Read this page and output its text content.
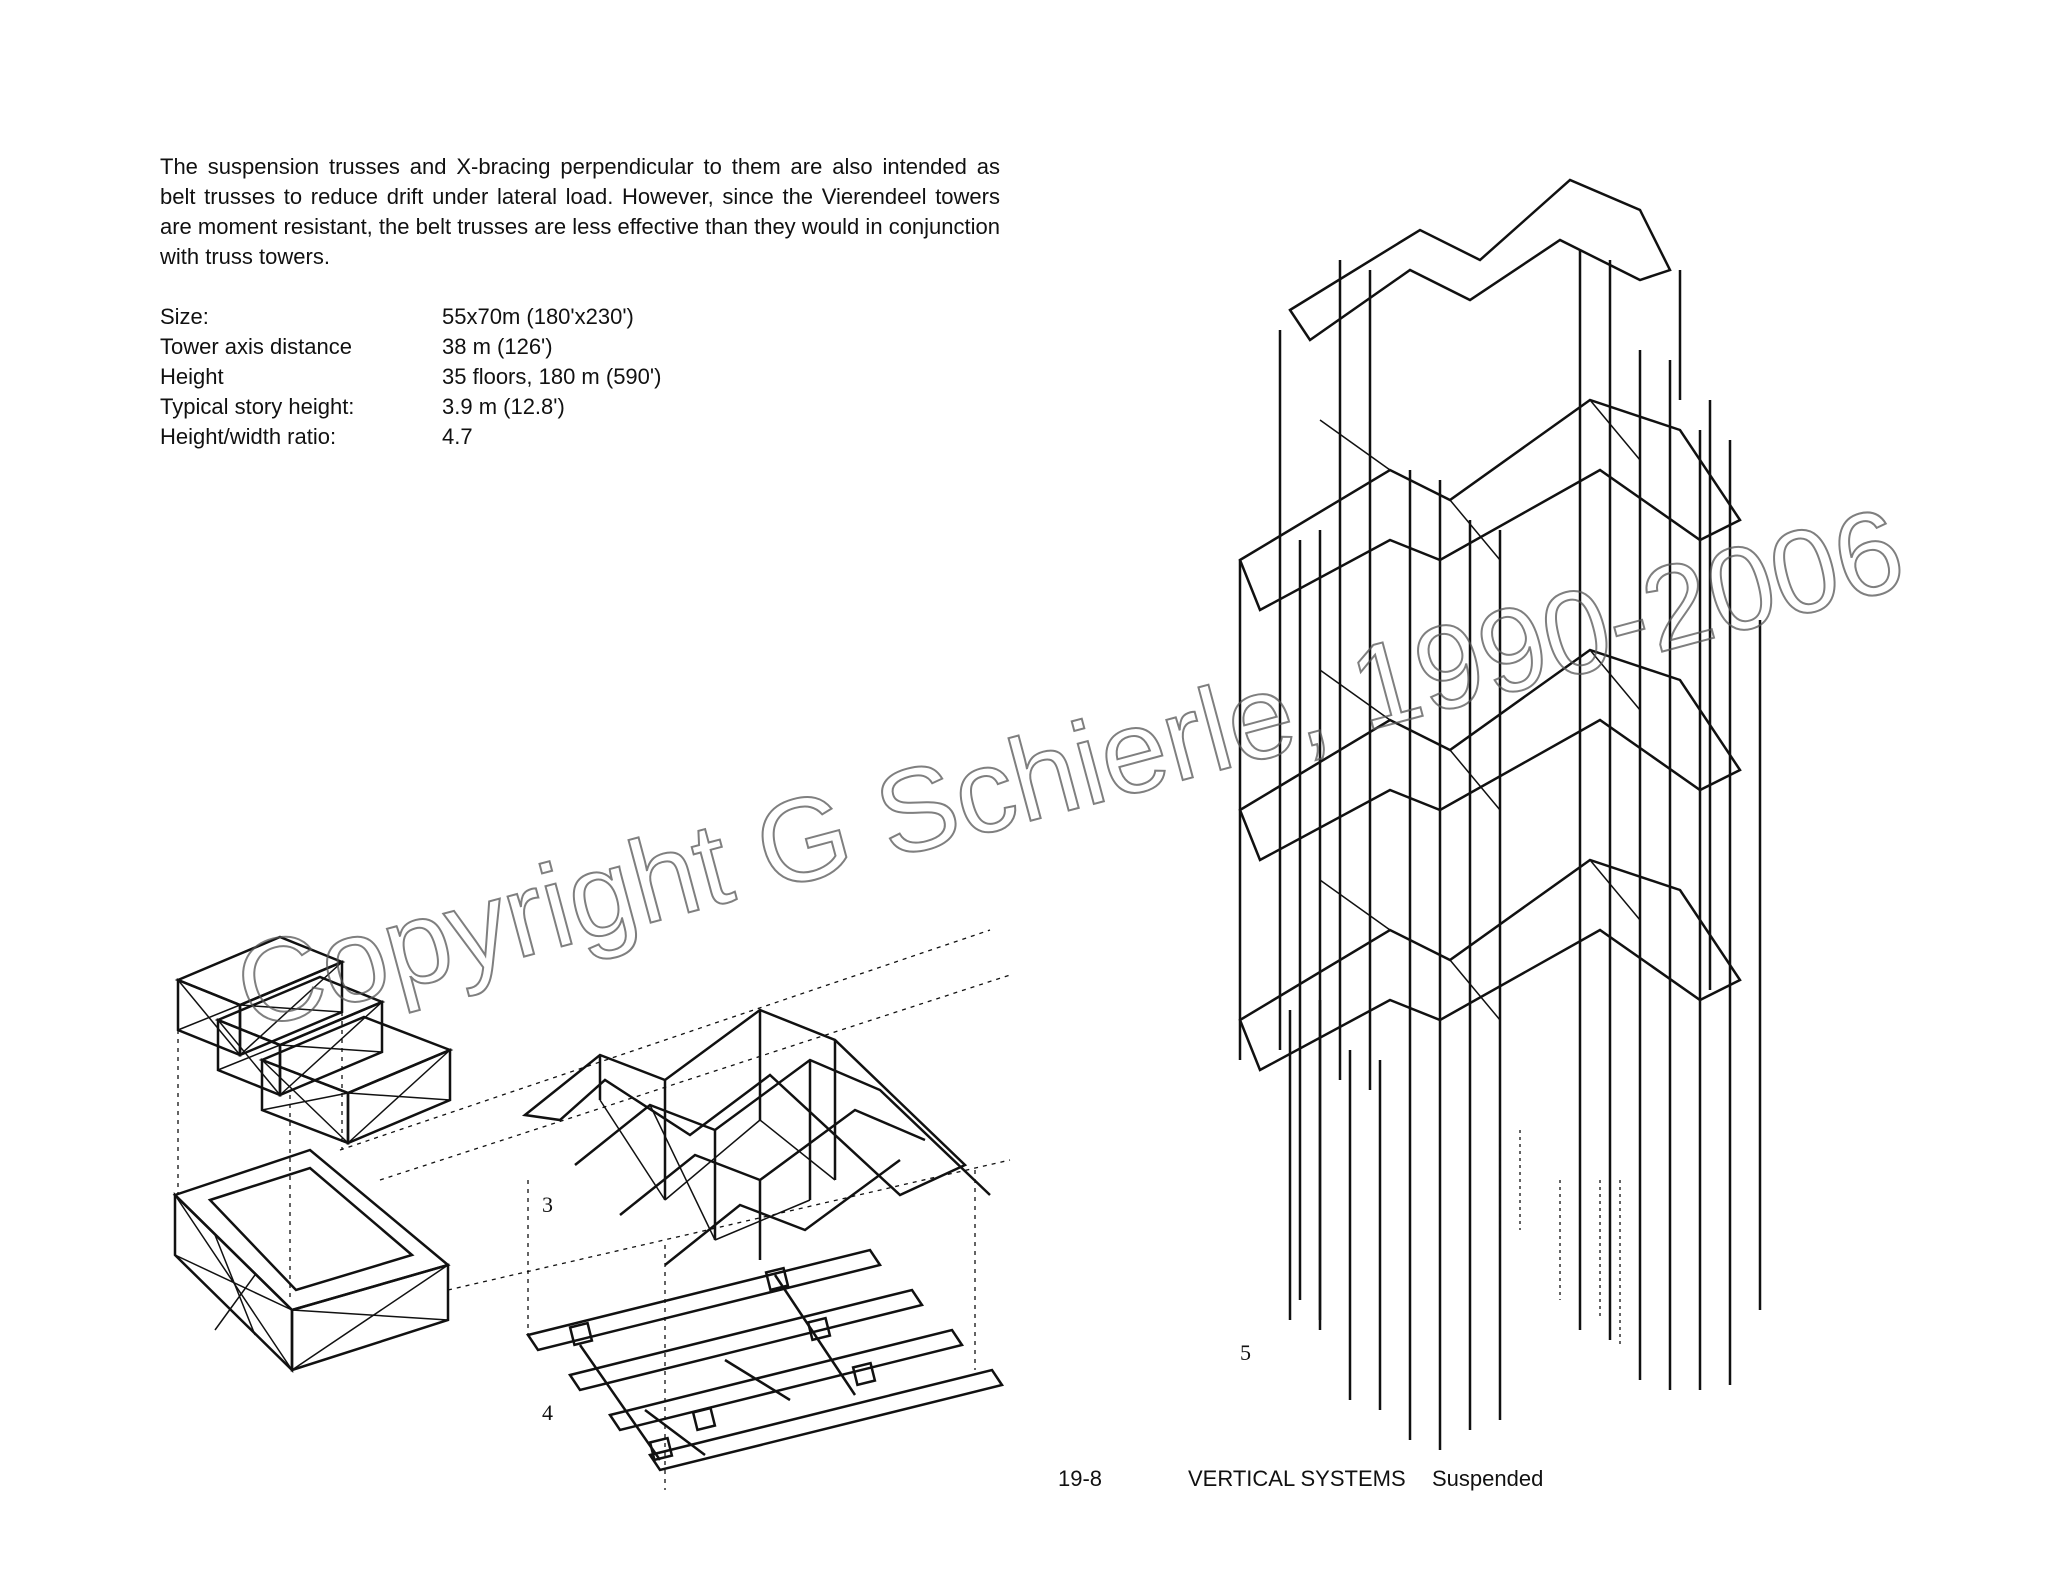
The suspension trusses and X-bracing perpendicular to them are also intended as belt trusses to reduce drift under lateral load. However, since the Vierendeel towers are moment resistant, the belt trusses are less effective than they would in conjunction with truss towers.

Size:	55x70m (180'x230')
Tower axis distance	38 m (126')
Height	35 floors, 180 m (590')
Typical story height:	3.9 m (12.8')
Height/width ratio:	4.7
3
4
5
Copyright G Schierle, 1990-2006
19-8	VERTICAL SYSTEMS Suspended
